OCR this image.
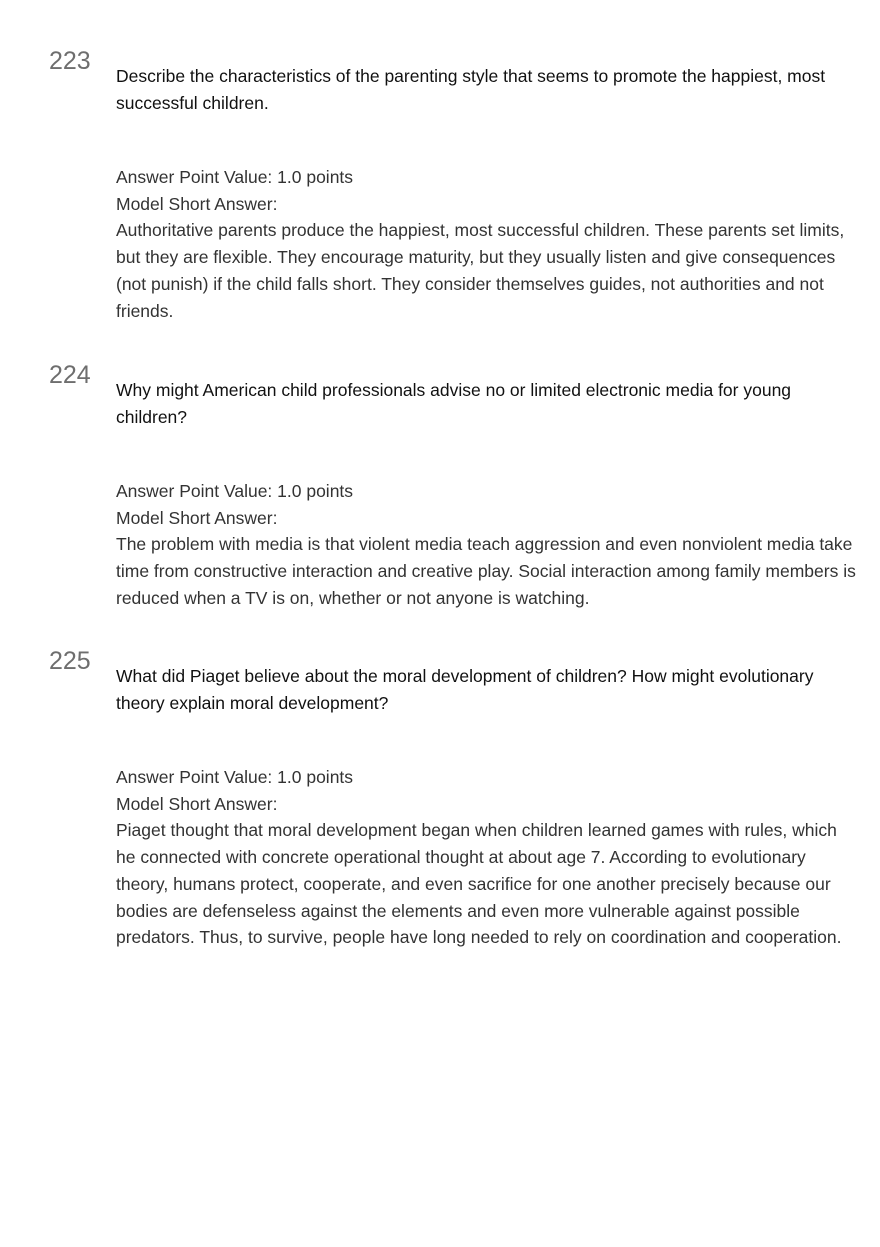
223

Describe the characteristics of the parenting style that seems to promote the happiest, most successful children.

Answer Point Value: 1.0 points
Model Short Answer:
Authoritative parents produce the happiest, most successful children. These parents set limits, but they are flexible. They encourage maturity, but they usually listen and give consequences (not punish) if the child falls short. They consider themselves guides, not authorities and not friends.
224

Why might American child professionals advise no or limited electronic media for young children?

Answer Point Value: 1.0 points
Model Short Answer:
The problem with media is that violent media teach aggression and even nonviolent media take time from constructive interaction and creative play. Social interaction among family members is reduced when a TV is on, whether or not anyone is watching.
225

What did Piaget believe about the moral development of children? How might evolutionary theory explain moral development?

Answer Point Value: 1.0 points
Model Short Answer:
Piaget thought that moral development began when children learned games with rules, which he connected with concrete operational thought at about age 7. According to evolutionary theory, humans protect, cooperate, and even sacrifice for one another precisely because our bodies are defenseless against the elements and even more vulnerable against possible predators. Thus, to survive, people have long needed to rely on coordination and cooperation.
